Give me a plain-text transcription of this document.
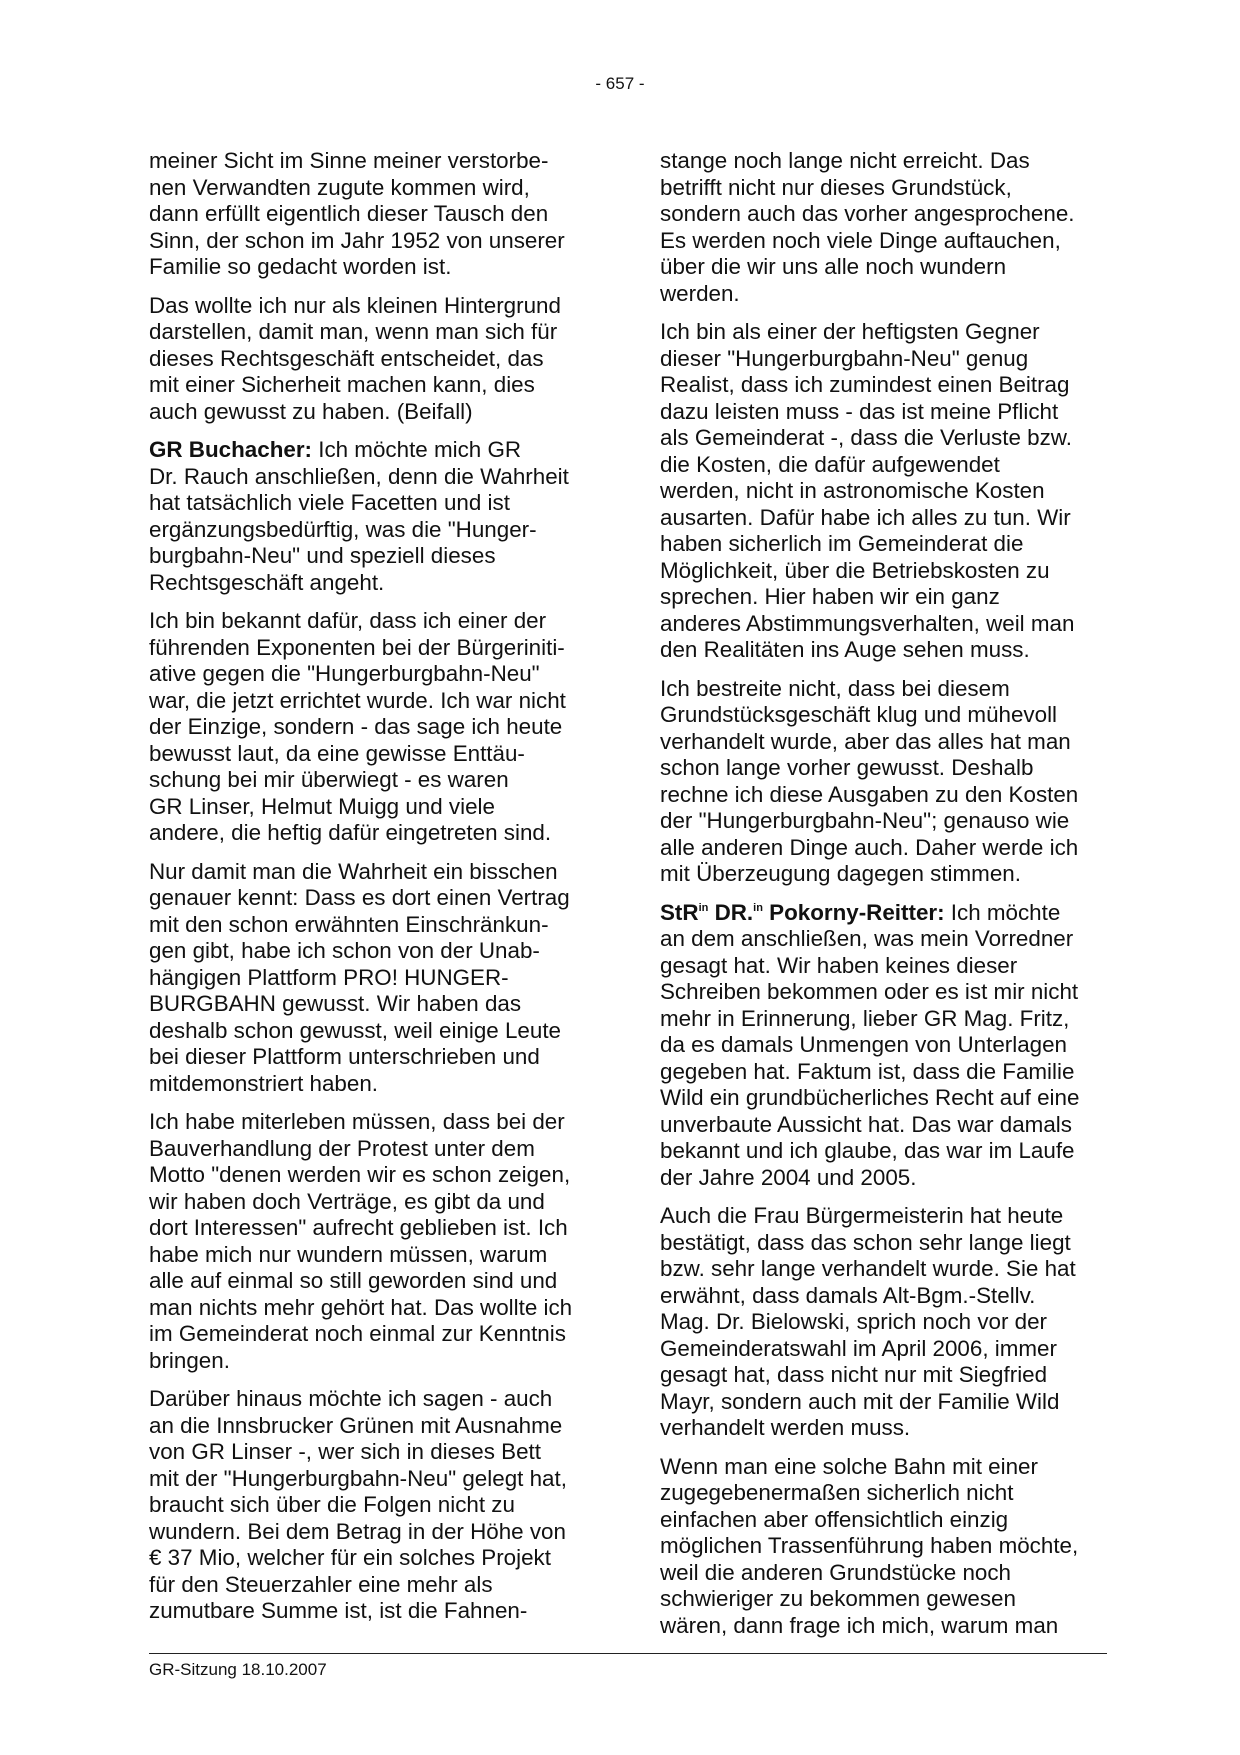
- 657 -

meiner Sicht im Sinne meiner verstorbe-
nen Verwandten zugute kommen wird,
dann erfüllt eigentlich dieser Tausch den
Sinn, der schon im Jahr 1952 von unserer
Familie so gedacht worden ist.

Das wollte ich nur als kleinen Hintergrund
darstellen, damit man, wenn man sich für
dieses Rechtsgeschäft entscheidet, das
mit einer Sicherheit machen kann, dies
auch gewusst zu haben. (Beifall)

GR Buchacher: Ich möchte mich GR
Dr. Rauch anschließen, denn die Wahrheit
hat tatsächlich viele Facetten und ist
ergänzungsbedürftig, was die "Hunger-
burgbahn-Neu" und speziell dieses
Rechtsgeschäft angeht.

Ich bin bekannt dafür, dass ich einer der
führenden Exponenten bei der Bürgeriniti-
ative gegen die "Hungerburgbahn-Neu"
war, die jetzt errichtet wurde. Ich war nicht
der Einzige, sondern - das sage ich heute
bewusst laut, da eine gewisse Enttäu-
schung bei mir überwiegt - es waren
GR Linser, Helmut Muigg und viele
andere, die heftig dafür eingetreten sind.

Nur damit man die Wahrheit ein bisschen
genauer kennt: Dass es dort einen Vertrag
mit den schon erwähnten Einschränkun-
gen gibt, habe ich schon von der Unab-
hängigen Plattform PRO! HUNGER-
BURGBAHN gewusst. Wir haben das
deshalb schon gewusst, weil einige Leute
bei dieser Plattform unterschrieben und
mitdemonstriert haben.

Ich habe miterleben müssen, dass bei der
Bauverhandlung der Protest unter dem
Motto "denen werden wir es schon zeigen,
wir haben doch Verträge, es gibt da und
dort Interessen" aufrecht geblieben ist. Ich
habe mich nur wundern müssen, warum
alle auf einmal so still geworden sind und
man nichts mehr gehört hat. Das wollte ich
im Gemeinderat noch einmal zur Kenntnis
bringen.

Darüber hinaus möchte ich sagen - auch
an die Innsbrucker Grünen mit Ausnahme
von GR Linser -, wer sich in dieses Bett
mit der "Hungerburgbahn-Neu" gelegt hat,
braucht sich über die Folgen nicht zu
wundern. Bei dem Betrag in der Höhe von
€ 37 Mio, welcher für ein solches Projekt
für den Steuerzahler eine mehr als
zumutbare Summe ist, ist die Fahnen-

stange noch lange nicht erreicht. Das
betrifft nicht nur dieses Grundstück,
sondern auch das vorher angesprochene.
Es werden noch viele Dinge auftauchen,
über die wir uns alle noch wundern
werden.

Ich bin als einer der heftigsten Gegner
dieser "Hungerburgbahn-Neu" genug
Realist, dass ich zumindest einen Beitrag
dazu leisten muss - das ist meine Pflicht
als Gemeinderat -, dass die Verluste bzw.
die Kosten, die dafür aufgewendet
werden, nicht in astronomische Kosten
ausarten. Dafür habe ich alles zu tun. Wir
haben sicherlich im Gemeinderat die
Möglichkeit, über die Betriebskosten zu
sprechen. Hier haben wir ein ganz
anderes Abstimmungsverhalten, weil man
den Realitäten ins Auge sehen muss.

Ich bestreite nicht, dass bei diesem
Grundstücksgeschäft klug und mühevoll
verhandelt wurde, aber das alles hat man
schon lange vorher gewusst. Deshalb
rechne ich diese Ausgaben zu den Kosten
der "Hungerburgbahn-Neu"; genauso wie
alle anderen Dinge auch. Daher werde ich
mit Überzeugung dagegen stimmen.

StR$^{in}$ DR.$^{in}$ Pokorny-Reitter: Ich möchte
an dem anschließen, was mein Vorredner
gesagt hat. Wir haben keines dieser
Schreiben bekommen oder es ist mir nicht
mehr in Erinnerung, lieber GR Mag. Fritz,
da es damals Unmengen von Unterlagen
gegeben hat. Faktum ist, dass die Familie
Wild ein grundbücherliches Recht auf eine
unverbaute Aussicht hat. Das war damals
bekannt und ich glaube, das war im Laufe
der Jahre 2004 und 2005.

Auch die Frau Bürgermeisterin hat heute
bestätigt, dass das schon sehr lange liegt
bzw. sehr lange verhandelt wurde. Sie hat
erwähnt, dass damals Alt-Bgm.-Stellv.
Mag. Dr. Bielowski, sprich noch vor der
Gemeinderatswahl im April 2006, immer
gesagt hat, dass nicht nur mit Siegfried
Mayr, sondern auch mit der Familie Wild
verhandelt werden muss.

Wenn man eine solche Bahn mit einer
zugegebenermaßen sicherlich nicht
einfachen aber offensichtlich einzig
möglichen Trassenführung haben möchte,
weil die anderen Grundstücke noch
schwieriger zu bekommen gewesen
wären, dann frage ich mich, warum man

GR-Sitzung 18.10.2007
